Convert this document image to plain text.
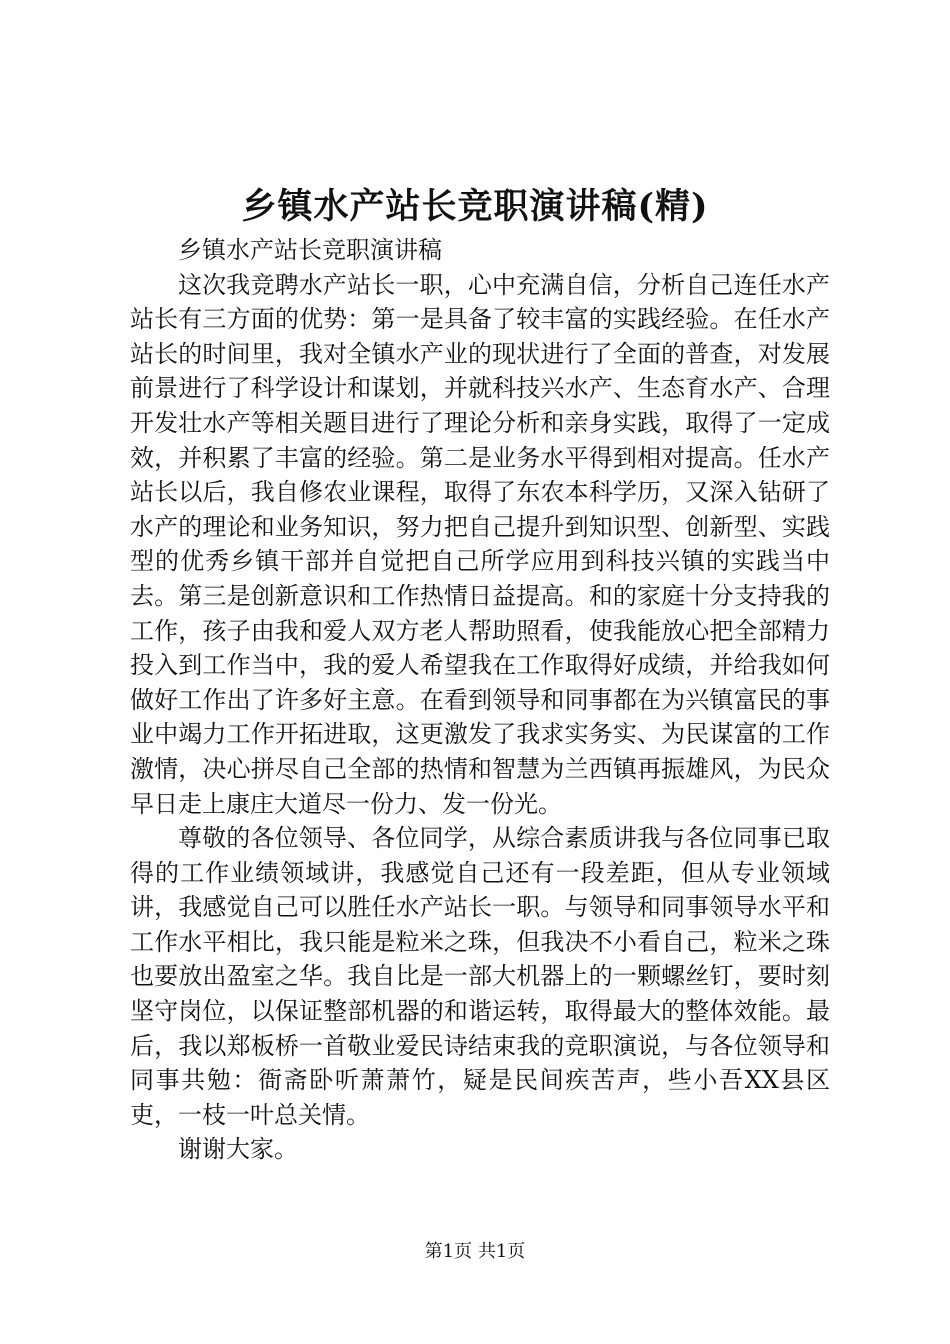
乡镇水产站长竞职演讲稿(精)

乡镇水产站长竞职演讲稿

这次我竞聘水产站长一职，心中充满自信，分析自己连任水产站长有三方面的优势：第一是具备了较丰富的实践经验。在任水产站长的时间里，我对全镇水产业的现状进行了全面的普查，对发展前景进行了科学设计和谋划，并就科技兴水产、生态育水产、合理开发壮水产等相关题目进行了理论分析和亲身实践，取得了一定成效，并积累了丰富的经验。第二是业务水平得到相对提高。任水产站长以后，我自修农业课程，取得了东农本科学历，又深入钻研了水产的理论和业务知识，努力把自己提升到知识型、创新型、实践型的优秀乡镇干部并自觉把自己所学应用到科技兴镇的实践当中去。第三是创新意识和工作热情日益提高。和的家庭十分支持我的工作，孩子由我和爱人双方老人帮助照看，使我能放心把全部精力投入到工作当中，我的爱人希望我在工作取得好成绩，并给我如何做好工作出了许多好主意。在看到领导和同事都在为兴镇富民的事业中竭力工作开拓进取，这更激发了我求实务实、为民谋富的工作激情，决心拼尽自己全部的热情和智慧为兰西镇再振雄风，为民众早日走上康庄大道尽一份力、发一份光。

尊敬的各位领导、各位同学，从综合素质讲我与各位同事已取得的工作业绩领域讲，我感觉自己还有一段差距，但从专业领域讲，我感觉自己可以胜任水产站长一职。与领导和同事领导水平和工作水平相比，我只能是粒米之珠，但我决不小看自己，粒米之珠也要放出盈室之华。我自比是一部大机器上的一颗螺丝钉，要时刻坚守岗位，以保证整部机器的和谐运转，取得最大的整体效能。最后，我以郑板桥一首敬业爱民诗结束我的竞职演说，与各位领导和同事共勉：衙斋卧听萧萧竹，疑是民间疾苦声，些小吾XX县区吏，一枝一叶总关情。

谢谢大家。

第1页 共1页
